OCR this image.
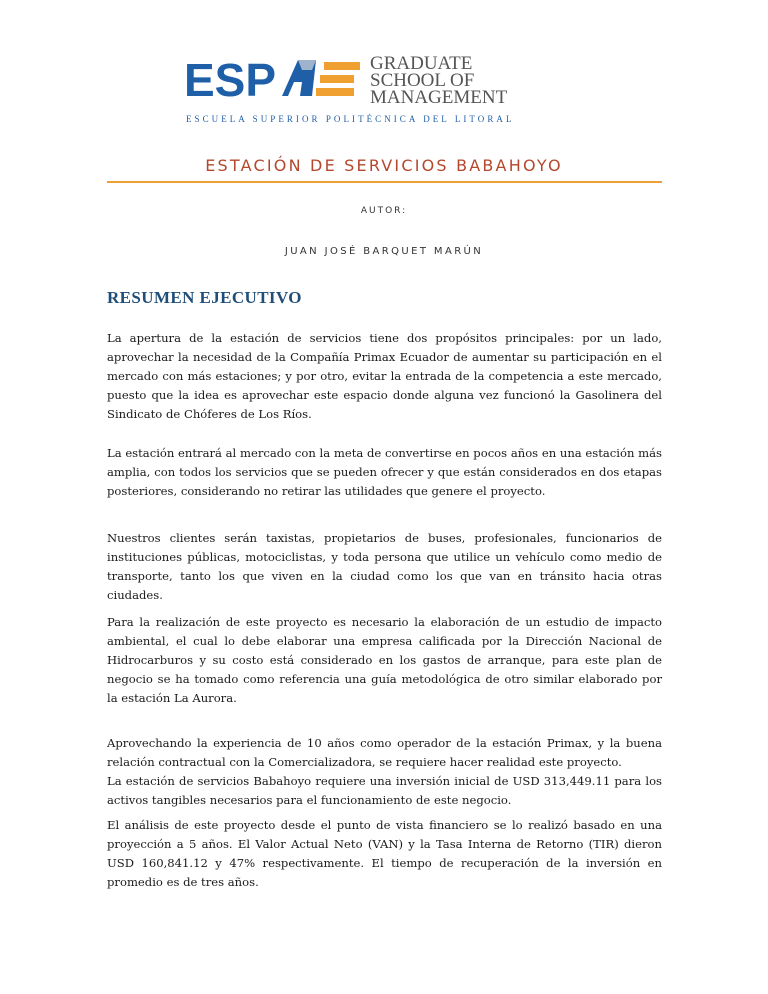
ESP	GRADUATE
SCHOOL OF
MANAGEMENT
ESCUELA SUPERIOR POLITÉCNICA DEL LITORAL
ESTACIÓN DE SERVICIOS BABAHOYO
AUTOR:
JUAN JOSÉ BARQUET MARÚN
RESUMEN EJECUTIVO

La apertura de la estación de servicios tiene dos propósitos principales: por un lado, aprovechar la necesidad de la Compañía Primax Ecuador de aumentar su participación en el mercado con más estaciones; y por otro, evitar la entrada de la competencia a este mercado, puesto que la idea es aprovechar este espacio donde alguna vez funcionó la Gasolinera del Sindicato de Chóferes de Los Ríos.

La estación entrará al mercado con la meta de convertirse en pocos años en una estación más amplia, con todos los servicios que se pueden ofrecer y que están considerados en dos etapas posteriores, considerando no retirar las utilidades que genere el proyecto.

Nuestros clientes serán taxistas, propietarios de buses, profesionales, funcionarios de instituciones públicas, motociclistas, y toda persona que utilice un vehículo como medio de transporte, tanto los que viven en la ciudad como los que van en tránsito hacia otras ciudades.

Para la realización de este proyecto es necesario la elaboración de un estudio de impacto ambiental, el cual lo debe elaborar una empresa calificada por la Dirección Nacional de Hidrocarburos y su costo está considerado en los gastos de arranque, para este plan de negocio se ha tomado como referencia una guía metodológica de otro similar elaborado por la estación La Aurora.

Aprovechando la experiencia de 10 años como operador de la estación Primax, y la buena relación contractual con la Comercializadora, se requiere hacer realidad este proyecto.

La estación de servicios Babahoyo requiere una inversión inicial de USD 313,449.11 para los activos tangibles necesarios para el funcionamiento de este negocio.

El análisis de este proyecto desde el punto de vista financiero se lo realizó basado en una proyección a 5 años. El Valor Actual Neto (VAN) y la Tasa Interna de Retorno (TIR) dieron USD 160,841.12 y 47% respectivamente. El tiempo de recuperación de la inversión en promedio es de tres años.
